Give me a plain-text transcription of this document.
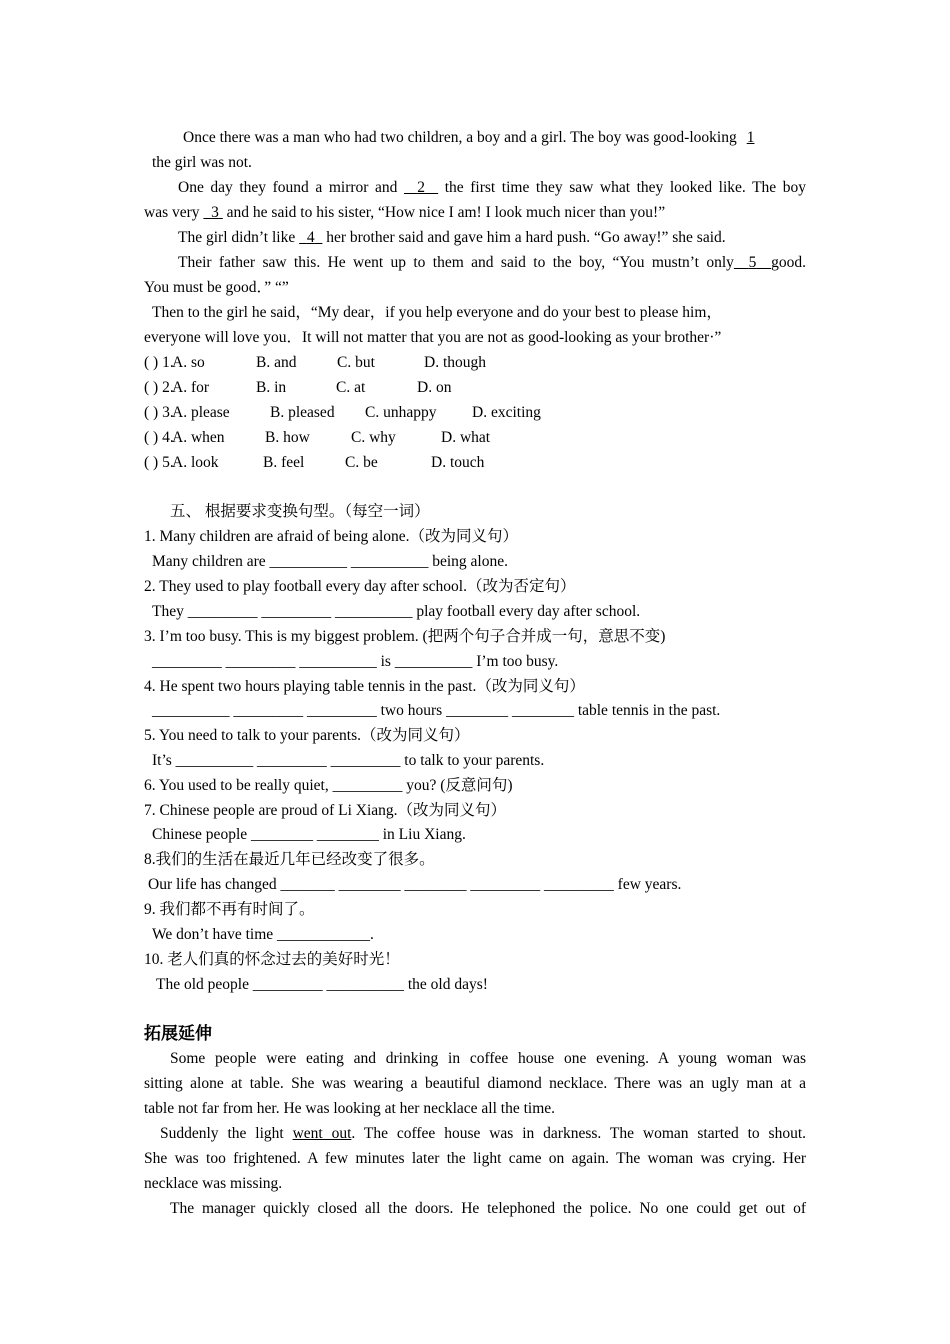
Once there was a man who had two children, a boy and a girl. The boy was good-looking 1
the girl was not.
One day they found a mirror and 2 the first time they saw what they looked like. The boy
was very 3 and he said to his sister, “How nice I am! I look much nicer than you!”
The girl didn’t like 4 her brother said and gave him a hard push. “Go away!” she said.
Their father saw this. He went up to them and said to the boy, “You mustn’t only 5 good.
You must be good．” “”
Then to the girl he said，“My dear，if you help everyone and do your best to please him，
everyone will love you．It will not matter that you are not as good-looking as your brother·”
( ) 1.
A. so	B. and	C. but	D. though
( ) 2.
A. for	B. in	C. at	D. on
( ) 3.
A. please	B. pleased C. unhappy D. exciting
( ) 4.
A. when	B. how	C. why	D. what
( ) 5.
A. look	B. feel	C. be	D. touch
五、 根据要求变换句型。（每空一词）
1. Many children are afraid of being alone.（改为同义句）
Many children are __________ __________ being alone.
2. They used to play football every day after school.（改为否定句）
They _________ _________ __________ play football every day after school.
3. I’m too busy. This is my biggest problem. (把两个句子合并成一句，意思不变)
_________ _________ __________ is __________ I’m too busy.
4. He spent two hours playing table tennis in the past.（改为同义句）
__________ _________ _________ two hours ________ ________ table tennis in the past.
5. You need to talk to your parents.（改为同义句）
It’s __________ _________ _________ to talk to your parents.
6. You used to be really quiet, _________ you? (反意问句)
7. Chinese people are proud of Li Xiang.（改为同义句）
Chinese people ________ ________ in Liu Xiang.
8.我们的生活在最近几年已经改变了很多。
Our life has changed _______ ________ ________ _________ _________ few years.
9. 我们都不再有时间了。
We don’t have time ____________.
10. 老人们真的怀念过去的美好时光！
The old people _________ __________ the old days!
拓展延伸
Some people were eating and drinking in coffee house one evening. A young woman was
sitting alone at table. She was wearing a beautiful diamond necklace. There was an ugly man at a
table not far from her. He was looking at her necklace all the time.
Suddenly the light went out. The coffee house was in darkness. The woman started to shout.
She was too frightened. A few minutes later the light came on again. The woman was crying. Her
necklace was missing.
The manager quickly closed all the doors. He telephoned the police. No one could get out of
